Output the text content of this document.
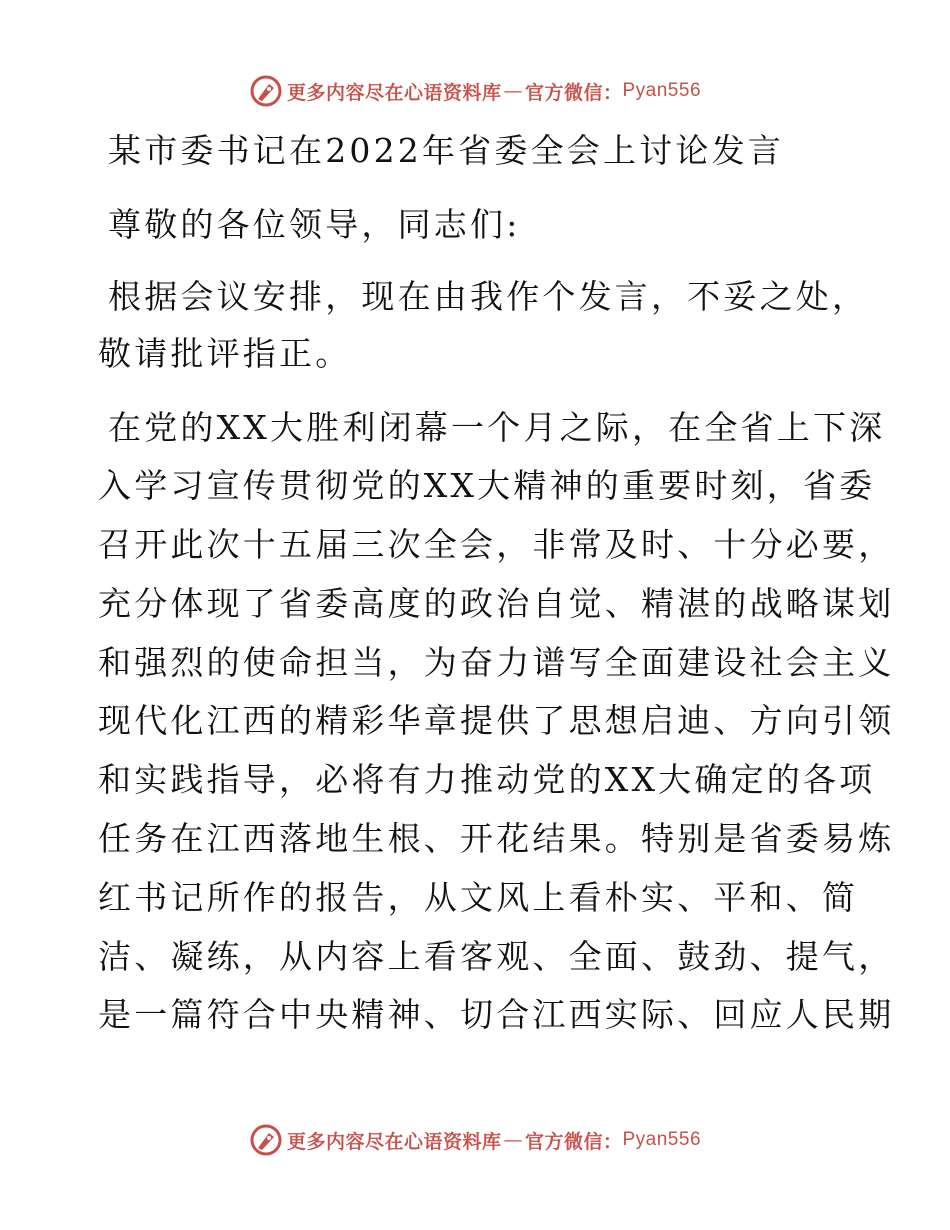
更多内容尽在心语资料库 — 官方微信： Pyan556
某市委书记在2022年省委全会上讨论发言
尊敬的各位领导，同志们:
根据会议安排，现在由我作个发言，不妥之处，
敬请批评指正。
在党的XX大胜利闭幕一个月之际，在全省上下深
入学习宣传贯彻党的XX大精神的重要时刻，省委
召开此次十五届三次全会，非常及时、十分必要，
充分体现了省委高度的政治自觉、精湛的战略谋划
和强烈的使命担当，为奋力谱写全面建设社会主义
现代化江西的精彩华章提供了思想启迪、方向引领
和实践指导，必将有力推动党的XX大确定的各项
任务在江西落地生根、开花结果。特别是省委易炼
红书记所作的报告，从文风上看朴实、平和、简
洁、凝练，从内容上看客观、全面、鼓劲、提气，
是一篇符合中央精神、切合江西实际、回应人民期
更多内容尽在心语资料库 — 官方微信： Pyan556
